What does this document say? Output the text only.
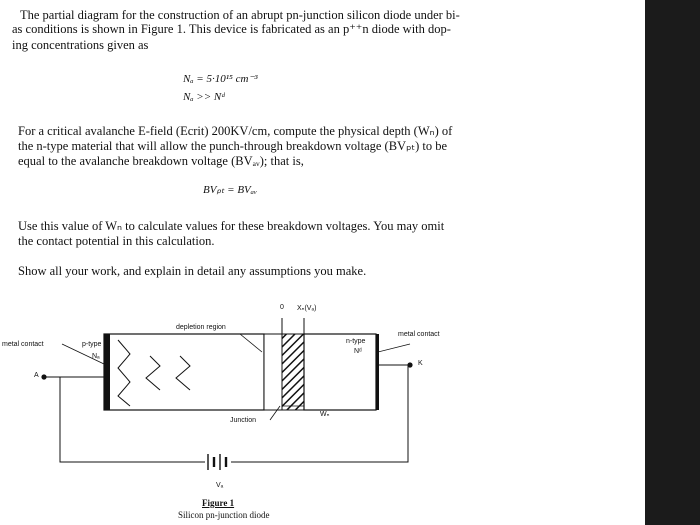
The partial diagram for the construction of an abrupt pn-junction silicon diode under bi-
as conditions is shown in Figure 1. This device is fabricated as an p⁺⁺n diode with dop-
ing concentrations given as
Nₐ = 5·10¹⁵ cm⁻³
Nₐ >> Nᵈ
For a critical avalanche E-field (Ecrit) 200KV/cm, compute the physical depth (Wₙ) of
the n-type material that will allow the punch-through breakdown voltage (BVₚₜ) to be
equal to the avalanche breakdown voltage (BVₐᵥ); that is,
BVₚₜ = BVₐᵥ
Use this value of Wₙ to calculate values for these breakdown voltages. You may omit
the contact potential in this calculation.
Show all your work, and explain in detail any assumptions you make.
0 Xₙ(Vₐ)
depletion region
metal contact	p-type
Nₐ
n-type
Nᵈ
metal contact
K
A
Wₙ
Junction
Vₐ
Figure 1
Silicon pn-junction diode
